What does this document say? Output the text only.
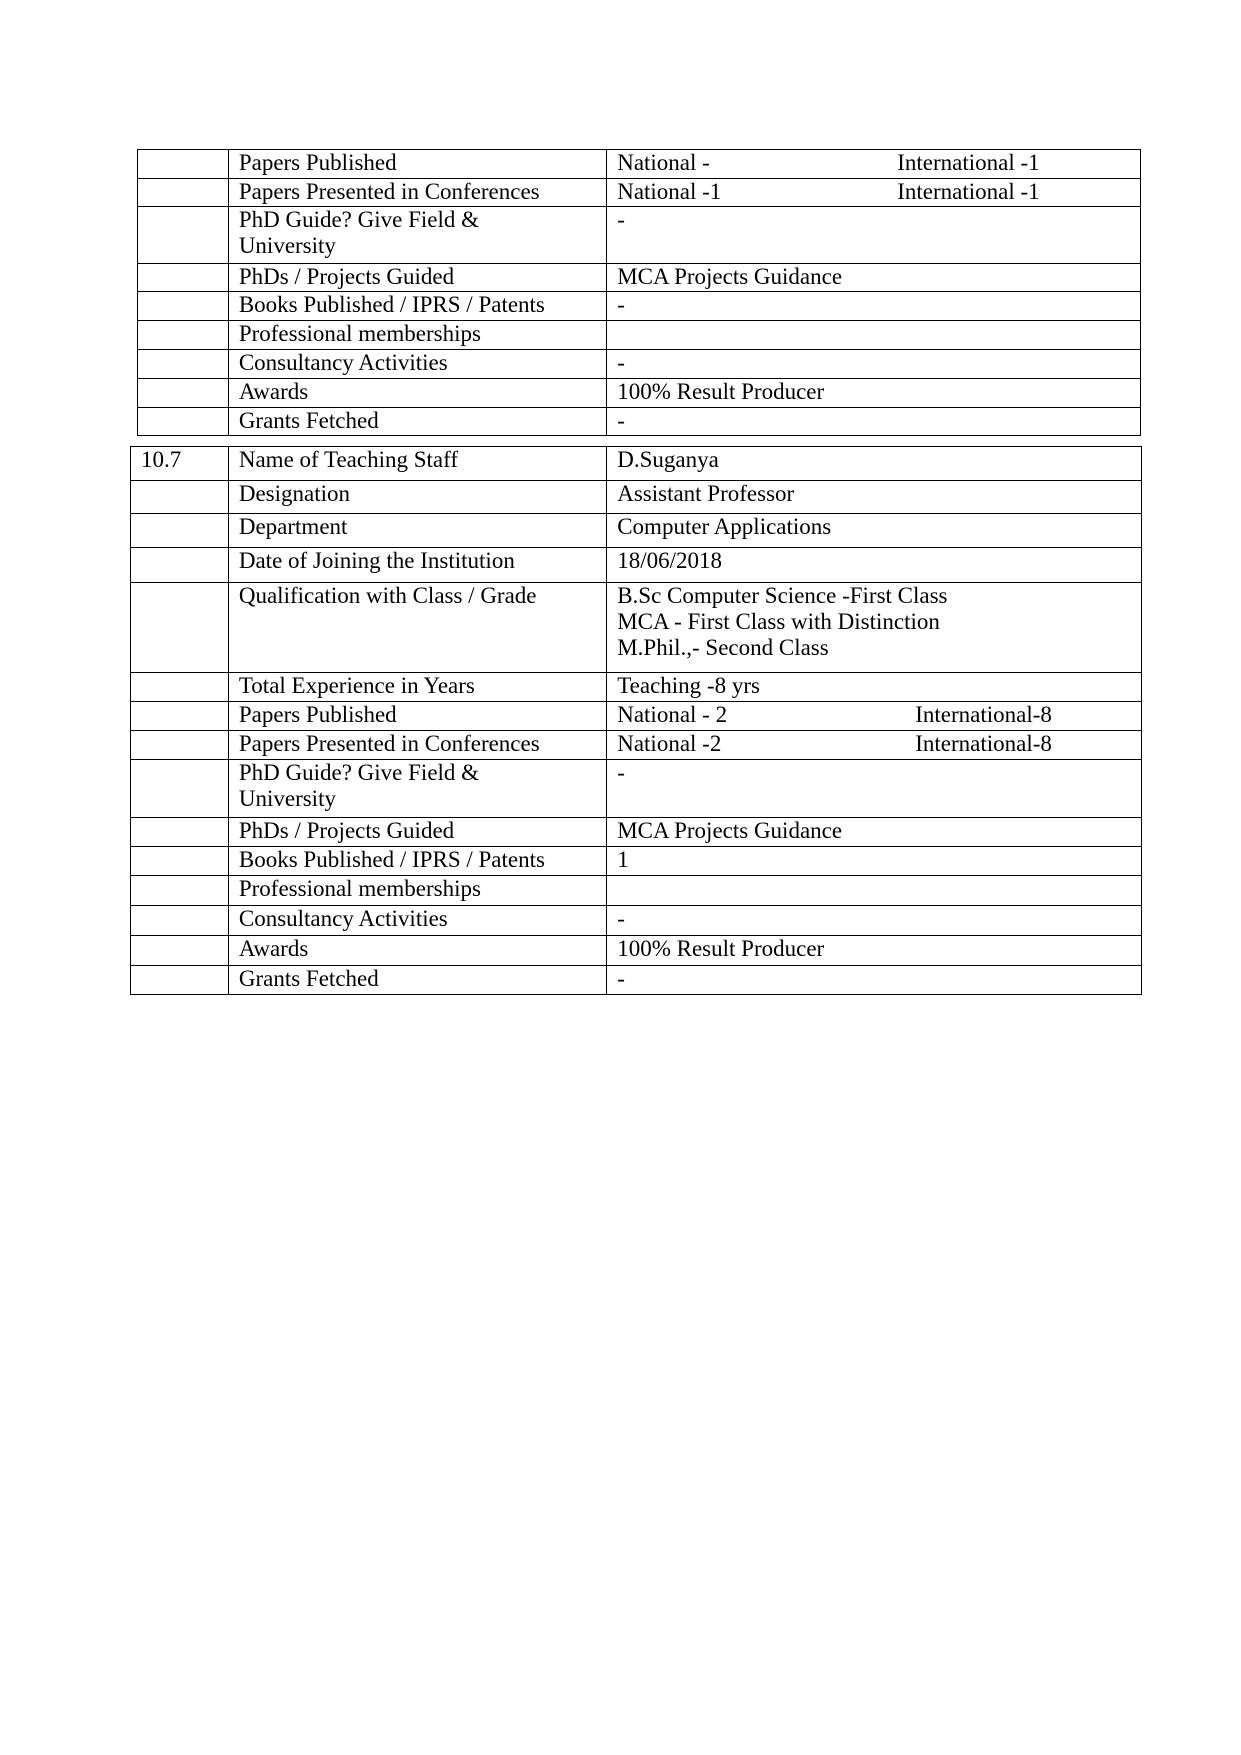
	Papers Published	National - International -1

	Papers Presented in Conferences	National -1 International -1

	PhD Guide? Give Field &
University	-
	PhDs / Projects Guided	MCA Projects Guidance
	Books Published / IPRS / Patents	-
	Professional memberships	
	Consultancy Activities	-
	Awards	100% Result Producer
	Grants Fetched	-
10.7	Name of Teaching Staff	D.Suganya
	Designation	Assistant Professor
	Department	Computer Applications
	Date of Joining the Institution	18/06/2018
	Qualification with Class / Grade	B.Sc Computer Science -First Class
MCA - First Class with Distinction
M.Phil.,- Second Class

	Total Experience in Years	Teaching -8 yrs
	Papers Published	National - 2 International-8

	Papers Presented in Conferences	National -2 International-8

	PhD Guide? Give Field &
University	-
	PhDs / Projects Guided	MCA Projects Guidance
	Books Published / IPRS / Patents	1
	Professional memberships	
	Consultancy Activities	-
	Awards	100% Result Producer
	Grants Fetched	-
